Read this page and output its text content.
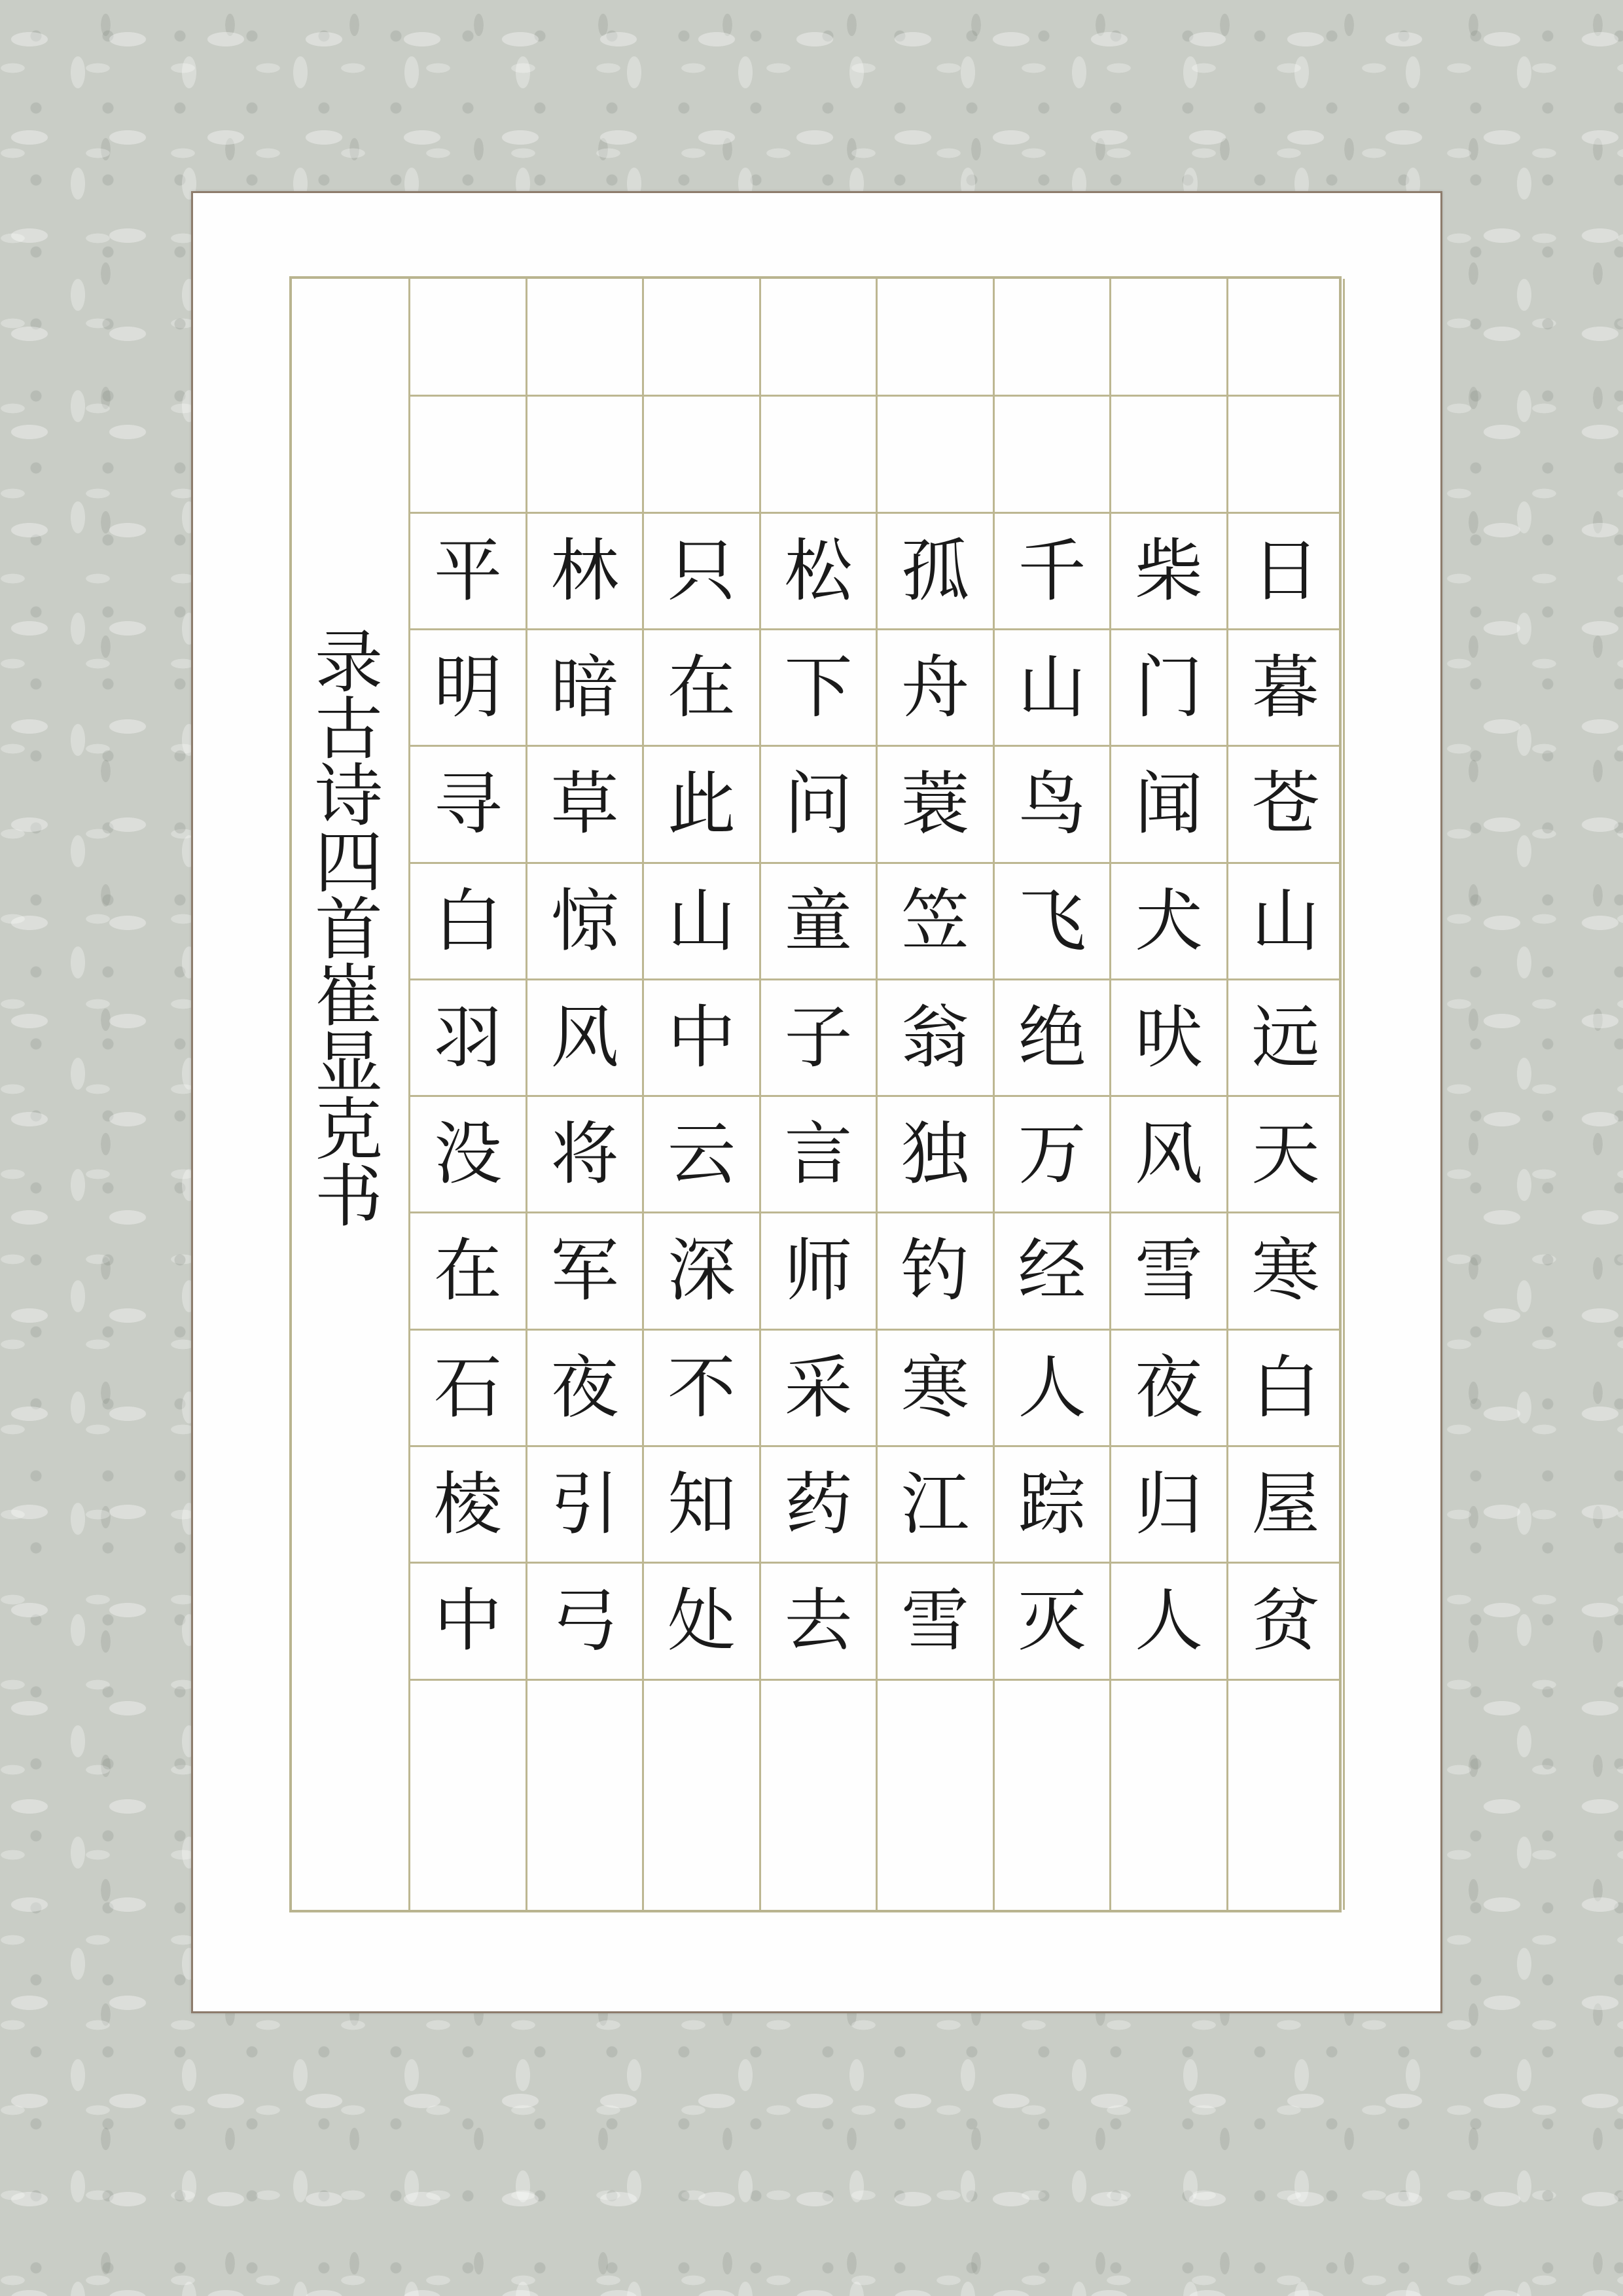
日
暮
苍
山
远
天
寒
白
屋
贫
柴
门
闻
犬
吠
风
雪
夜
归
人
千
山
鸟
飞
绝
万
经
人
踪
灭
孤
舟
蓑
笠
翁
独
钓
寒
江
雪
松
下
问
童
子
言
师
采
药
去
只
在
此
山
中
云
深
不
知
处
林
暗
草
惊
风
将
军
夜
引
弓
平
明
寻
白
羽
没
在
石
棱
中
录
古
诗
四
首
崔
显
克
书
